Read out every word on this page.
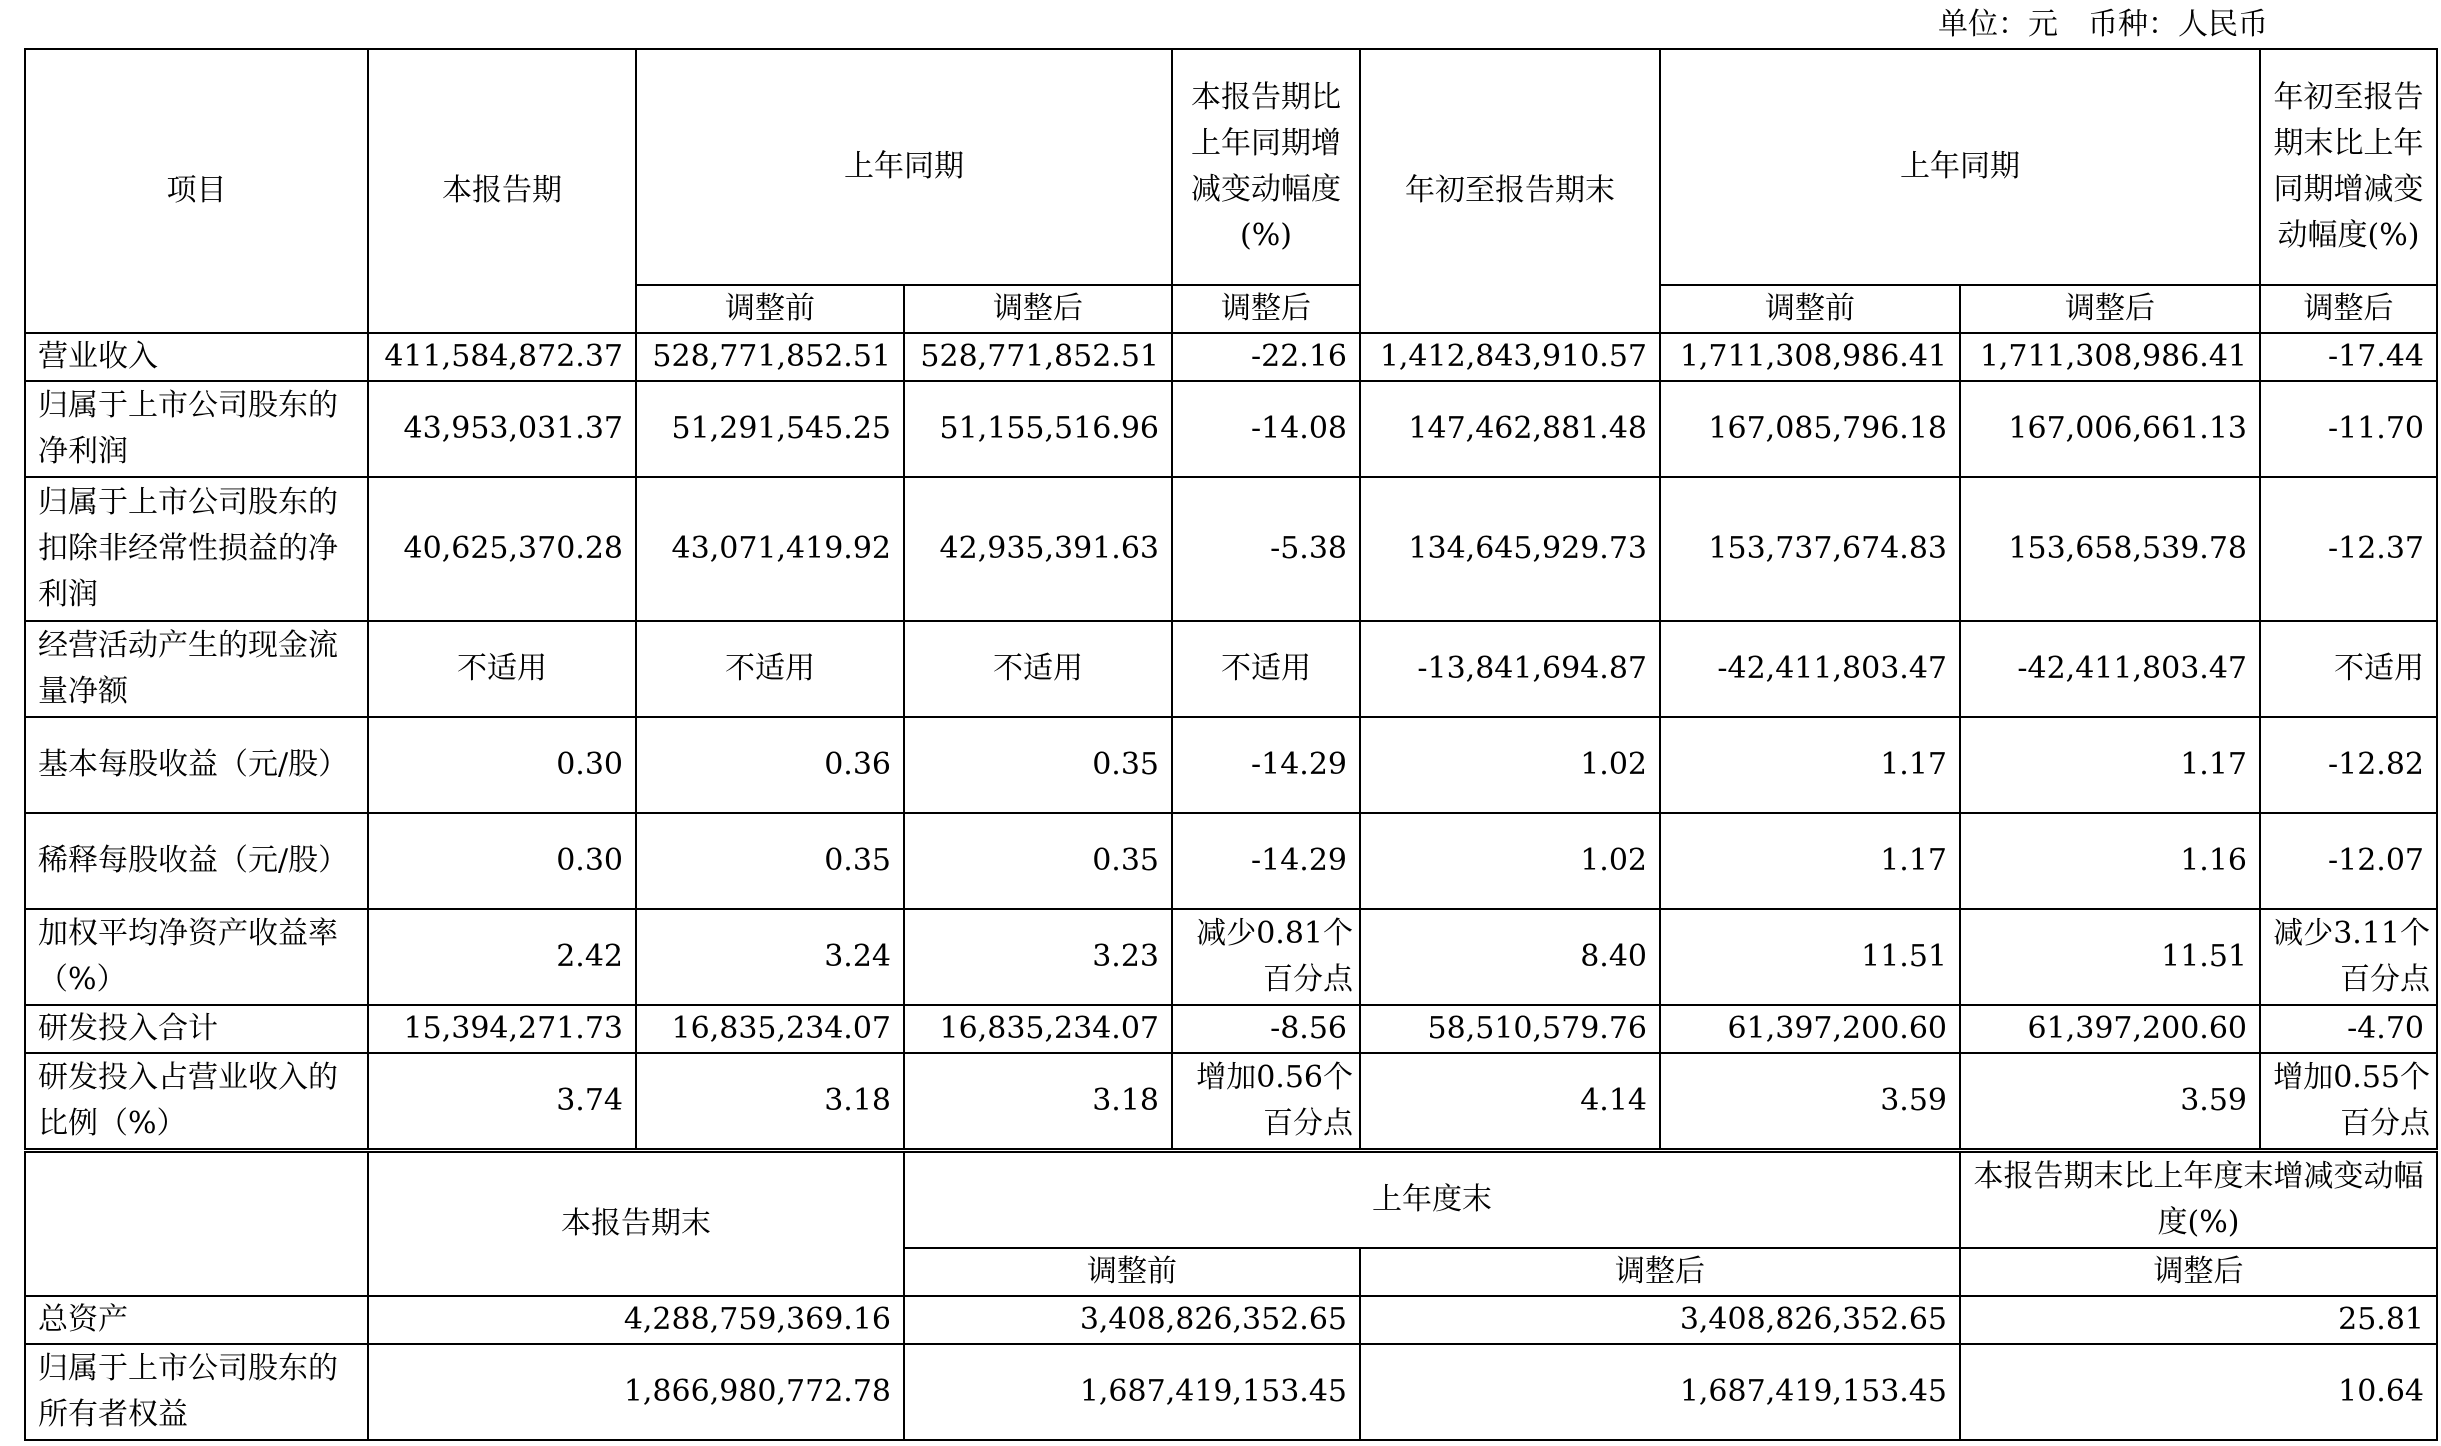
单位：元　币种：人民币
项目	本报告期	上年同期		本报告期比上年同期增减变动幅度(%)	年初至报告期末	上年同期		年初至报告期末比上年同期增减变动幅度(%)
		调整前	调整后	调整后		调整前	调整后	调整后
营业收入	411,584,872.37	528,771,852.51	528,771,852.51	-22.16	1,412,843,910.57	1,711,308,986.41	1,711,308,986.41	-17.44
归属于上市公司股东的净利润	43,953,031.37	51,291,545.25	51,155,516.96	-14.08	147,462,881.48	167,085,796.18	167,006,661.13	-11.70
归属于上市公司股东的扣除非经常性损益的净利润	40,625,370.28	43,071,419.92	42,935,391.63	-5.38	134,645,929.73	153,737,674.83	153,658,539.78	-12.37
经营活动产生的现金流量净额	不适用	不适用	不适用	不适用	-13,841,694.87	-42,411,803.47	-42,411,803.47	不适用
基本每股收益（元/股）	0.30	0.36	0.35	-14.29	1.02	1.17	1.17	-12.82
稀释每股收益（元/股）	0.30	0.35	0.35	-14.29	1.02	1.17	1.16	-12.07
加权平均净资产收益率（%）	2.42	3.24	3.23	减少0.81个百分点	8.40	11.51	11.51	减少3.11个百分点
研发投入合计	15,394,271.73	16,835,234.07	16,835,234.07	-8.56	58,510,579.76	61,397,200.60	61,397,200.60	-4.70
研发投入占营业收入的比例（%）	3.74	3.18	3.18	增加0.56个百分点	4.14	3.59	3.59	增加0.55个百分点
	本报告期末	上年度末		本报告期末比上年度末增减变动幅度(%)
		调整前	调整后	调整后
总资产	4,288,759,369.16	3,408,826,352.65	3,408,826,352.65	25.81
归属于上市公司股东的所有者权益	1,866,980,772.78	1,687,419,153.45	1,687,419,153.45	10.64
